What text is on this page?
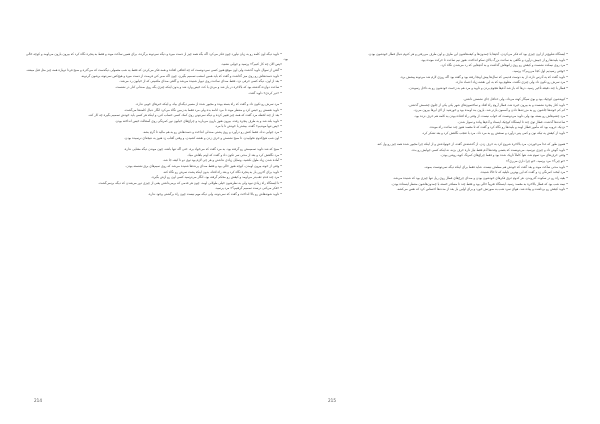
• داوید دیگه اون کلمه رو به زبان نیاورد چون فکر می‌کرد اگه بگه همه چیز از دست میره و دیگه نمی‌تونه برگرده، برای همین ساکت موند و فقط به پنجره نگاه کرد که بیرون بارون می‌اومد و کوچه خالی بود.
«پس الان چه کار کنیم؟» پرسید و جوابی نشنید.
• گفتن از سوال داوید گذشت ولی اون موقع هنوز کسی نمی‌دونست که چه اتفاقی افتاده و همه فکر می‌کردن که فقط یه شب معمولی دیگه‌ست که می‌گذره و صبح فردا دوباره همه چیز مثل قبل میشه.
• داوید دست‌هاش رو روی میز گذاشت و گفت که باید همین امشب تصمیم بگیرن، چون اگه صبر کنن فرصت از دست میره و هیچ‌کس نمی‌تونه برشون گردونه.
• بعد از اون، دیگه کسی حرفی نزد. فقط صدای ساعت روی دیوار شنیده می‌شد و گاهی صدای ماشینی که از خیابون رد می‌شد.
• ساعت دوازده گذشته بود که بالاخره در باز شد و مردی با کت خیس وارد شد و بدون اینکه چیزی بگه روی صندلی کنار در نشست.
• «دیر کردی» داوید گفت.
• مرد سرش رو تکون داد و گفت که راه بسته بوده و مجبور شده از مسیر دیگه‌ای بیاد، و اینکه خبرهای خوبی نداره.
• داوید نفسش رو حبس کرد و منتظر موند تا مرد ادامه بده ولی مرد فقط به زمین نگاه می‌کرد انگار دنبال کلمه‌ها می‌گشت.
• بعد از چند لحظه مرد گفت که همه چیز تغییر کرده و دیگه نمی‌تونن روی کمک کسی حساب کنن، و اینکه هر کسی باید خودش تصمیم بگیره چه کار کنه.
• داوید بلند شد و به طرف پنجره رفت. بیرون هنوز بارون می‌بارید و چراغ‌های خیابون نور کمرنگی روی آسفالت خیس انداخته بودن.
• «پس تنها موندیم» گفت، بیشتر با خودش تا با مرد.
• مرد جوابی نداد. فقط کتش رو درآورد و روی پشتی صندلی انداخت و دست‌هاش رو به هم مالید تا گرم بشه.
• اون شب هیچ‌کدوم نخوابیدن. تا صبح نشستن و حرف زدن و نقشه کشیدن، و وقتی آفتاب زد هنوز به نتیجه‌ای نرسیده بودن.
• صبح که شد داوید تصمیمش رو گرفته بود. به مرد گفت که می‌خواد بره، حتی اگه تنها باشه، چون موندن دیگه معنایی نداره.
• مرد نگاهش کرد و بعد از مدتی سر تکون داد و گفت که اونم باهاش میاد.
• آماده شدن زیاد طول نکشید. وسایل زیادی نداشتن و هر چی لازم بود توی دو تا کیف جا شد.
• وقتی از خونه بیرون اومدن، کوچه هنوز خالی بود و فقط صدای پرنده‌ها شنیده می‌شد که روی سیم‌های برق نشسته بودن.
• داوید برای آخرین بار به پنجره نگاه کرد و بعد راه افتاد، بدون اینکه پشت سرش رو نگاه کنه.
• مرد چند قدم عقب‌تر می‌اومد و کیفش رو محکم گرفته بود، انگار می‌ترسید کسی اون رو ازش بگیره.
• تا ایستگاه راه زیادی نبود ولی به نظرشون خیلی طولانی اومد، چون هر قدمی که برمی‌داشتن یعنی از چیزی دور می‌شدن که دیگه برنمی‌گشت.
• «فکر می‌کنی درست تصمیم گرفتیم؟» مرد پرسید.
• داوید شونه‌هاش رو بالا انداخت و گفت که نمی‌دونه، ولی دیگه مهم نیست چون راه برگشتی وجود نداره.
• ایستگاه شلوغ‌تر از اون چیزی بود که فکر می‌کردن. آدم‌ها با چمدون‌ها و کیف‌هاشون این طرف و اون طرف می‌رفتن و هر کدوم دنبال قطار خودشون بودن.
• داوید بلیت‌ها رو از جیبش درآورد و نگاهی به ساعت بزرگ بالای سکو انداخت. هنوز نیم ساعت تا حرکت مونده بود.
• مرد روی نیمکت نشست و کیفش رو روی زانوهاش گذاشت و به آدم‌هایی که رد می‌شدن نگاه کرد.
• «وقتی رسیدیم اول کجا می‌ریم؟» پرسید.
• داوید گفت که یه آدرس داره، از یه دوست قدیمی که سال‌ها پیش اونجا رفته بود و گفته بود اگه روزی لازم شد می‌تونه پیشش بره.
• مرد سرش رو تکون داد ولی چیزی نگفت. معلوم بود که به این نقشه زیاد اعتماد نداره.
• قطار با چند دقیقه تأخیر رسید. درها که باز شد آدم‌ها هجوم بردن و داوید و مرد هم به زحمت خودشون رو به داخل رسوندن.
• کوپه‌شون کوچیک بود و بوی سیگار کهنه می‌داد، ولی حداقل جای نشستن داشتن.
• داوید کنار پنجره نشست و به بیرون خیره شد. قطار آروم راه افتاد و ساختمون‌های شهر یکی یکی از جلوی چشمش گذشتن.
• کم کم خونه‌ها جاشون رو به مزرعه‌ها دادن و آسمون بازتر شد. بارون بند اومده بود و خورشید از لای ابرها بیرون می‌زد.
• مرد چشم‌هاش رو بسته بود ولی داوید می‌دونست که خواب نیست. از وقتی راه افتاده بودن یه کلمه هم حرف نزده بود.
• ساعت‌ها گذشت. قطار توی چند تا ایستگاه کوچیک ایستاد و آدم‌ها پیاده و سوار شدن.
• نزدیک غروب بود که مأمور قطار اومد و بلیت‌ها رو نگاه کرد و گفت که تا مقصد هنوز چند ساعت راه مونده.
• داوید از کیفش یه تیکه نون و کمی پنیر درآورد و نصفش رو به مرد داد. مرد با تعجب نگاهش کرد و بعد تشکر کرد.
• همون طور که غذا می‌خوردن، مرد بالاخره شروع کرد به حرف زدن. از گذشته‌ش گفت، از خونواده‌ش و از اینکه چرا مجبور شده همه چیز رو ول کنه.
• داوید گوش داد و چیزی نپرسید. می‌دونست که بعضی وقت‌ها آدم فقط نیاز داره حرف بزنه، نه اینکه کسی جوابش رو بده.
• وقتی حرف‌های مرد تموم شد، هوا کاملاً تاریک شده بود و فقط چراغ‌های کمرنگ کوپه روشن بودن.
• «تو چی؟» مرد پرسید. «تو چرا داری می‌ری؟»
• داوید مدتی ساکت موند و بعد گفت که خودش هم مطمئن نیست، شاید فقط برای اینکه دیگه نمی‌تونست بمونه.
• مرد لبخند کمرنگی زد و گفت که این بهترین دلیلیه که تا حالا شنیده.
• بقیه راه رو در سکوت گذروندن. هر کدوم غرق فکرهای خودشون بودن و صدای چرخ‌های قطار روی ریل تنها چیزی بود که شنیده می‌شد.
• نیمه شب بود که قطار بالاخره به مقصد رسید. ایستگاه تقریباً خالی بود و فقط چند تا مسافر خسته با چمدون‌هاشون منتظر ایستاده بودن.
• داوید کیفش رو برداشت و پیاده شد. هوای سرد شب به صورتش خورد و برای اولین بار بعد از مدت‌ها احساس کرد که نفس می‌کشه.
214	215
